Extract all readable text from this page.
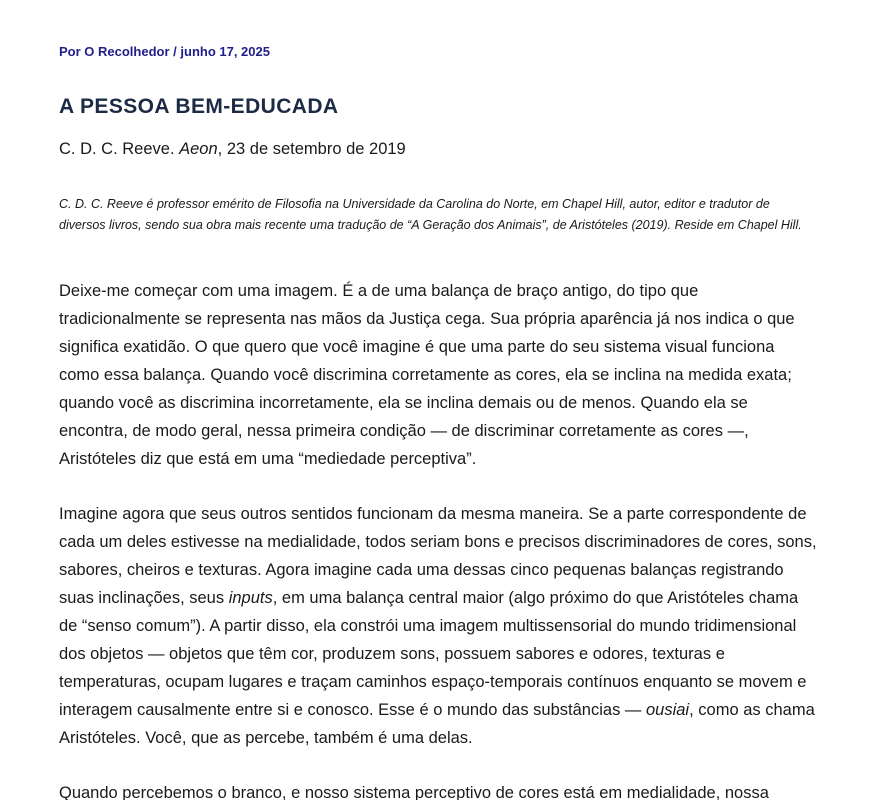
Por O Recolhedor / junho 17, 2025
A PESSOA BEM-EDUCADA
C. D. C. Reeve. Aeon, 23 de setembro de 2019

C. D. C. Reeve é professor emérito de Filosofia na Universidade da Carolina do Norte, em Chapel Hill, autor, editor e tradutor de diversos livros, sendo sua obra mais recente uma tradução de “A Geração dos Animais”, de Aristóteles (2019). Reside em Chapel Hill.

Deixe-me começar com uma imagem. É a de uma balança de braço antigo, do tipo que tradicionalmente se representa nas mãos da Justiça cega. Sua própria aparência já nos indica o que significa exatidão. O que quero que você imagine é que uma parte do seu sistema visual funciona como essa balança. Quando você discrimina corretamente as cores, ela se inclina na medida exata; quando você as discrimina incorretamente, ela se inclina demais ou de menos. Quando ela se encontra, de modo geral, nessa primeira condição — de discriminar corretamente as cores —, Aristóteles diz que está em uma “mediedade perceptiva”.

Imagine agora que seus outros sentidos funcionam da mesma maneira. Se a parte correspondente de cada um deles estivesse na medialidade, todos seriam bons e precisos discriminadores de cores, sons, sabores, cheiros e texturas. Agora imagine cada uma dessas cinco pequenas balanças registrando suas inclinações, seus inputs, em uma balança central maior (algo próximo do que Aristóteles chama de “senso comum”). A partir disso, ela constrói uma imagem multissensorial do mundo tridimensional dos objetos — objetos que têm cor, produzem sons, possuem sabores e odores, texturas e temperaturas, ocupam lugares e traçam caminhos espaço-temporais contínuos enquanto se movem e interagem causalmente entre si e conosco. Esse é o mundo das substâncias — ousiai, como as chama Aristóteles. Você, que as percebe, também é uma delas.

Quando percebemos o branco, e nosso sistema perceptivo de cores está em medialidade, nossa
